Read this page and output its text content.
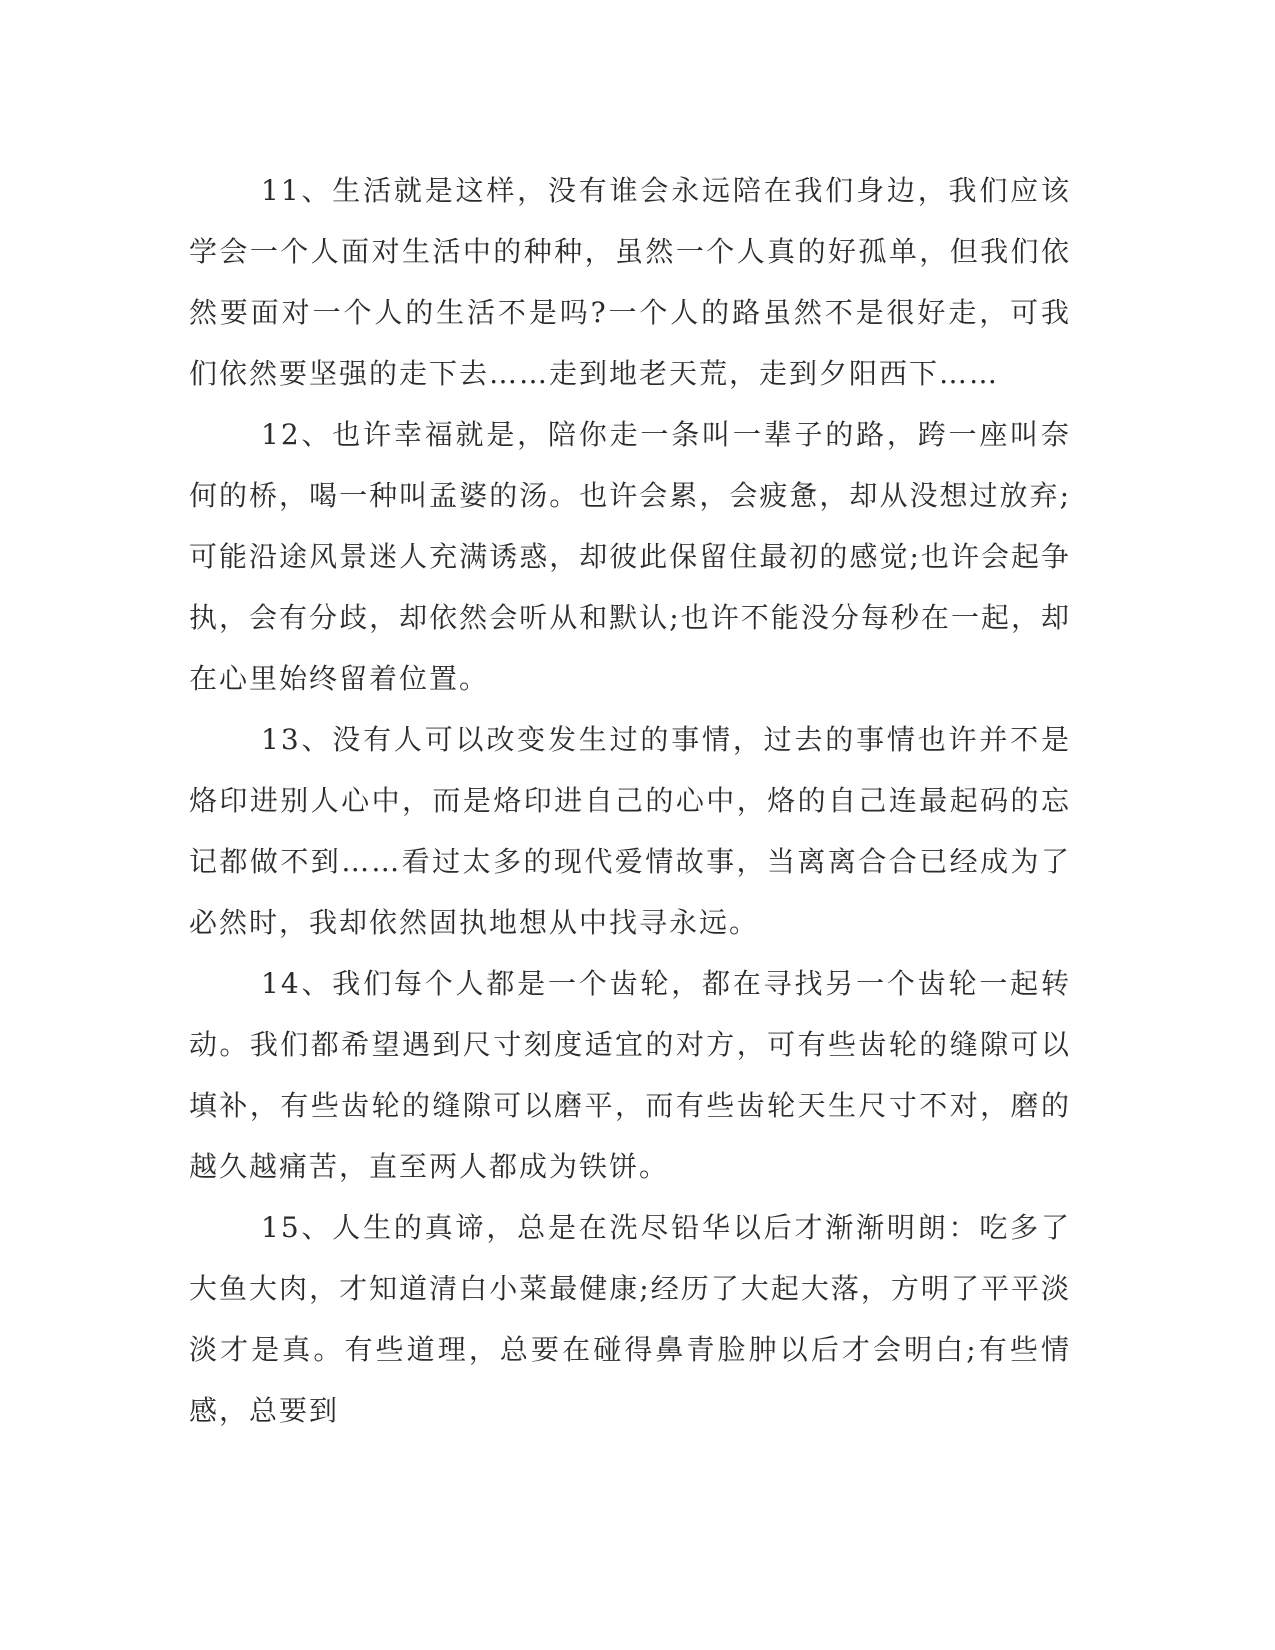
11、生活就是这样，没有谁会永远陪在我们身边，我们应该学会一个人面对生活中的种种，虽然一个人真的好孤单，但我们依然要面对一个人的生活不是吗?一个人的路虽然不是很好走，可我们依然要坚强的走下去……走到地老天荒，走到夕阳西下……

12、也许幸福就是，陪你走一条叫一辈子的路，跨一座叫奈何的桥，喝一种叫孟婆的汤。也许会累，会疲惫，却从没想过放弃;可能沿途风景迷人充满诱惑，却彼此保留住最初的感觉;也许会起争执，会有分歧，却依然会听从和默认;也许不能没分每秒在一起，却在心里始终留着位置。

13、没有人可以改变发生过的事情，过去的事情也许并不是烙印进别人心中，而是烙印进自己的心中，烙的自己连最起码的忘记都做不到……看过太多的现代爱情故事，当离离合合已经成为了必然时，我却依然固执地想从中找寻永远。

14、我们每个人都是一个齿轮，都在寻找另一个齿轮一起转动。我们都希望遇到尺寸刻度适宜的对方，可有些齿轮的缝隙可以填补，有些齿轮的缝隙可以磨平，而有些齿轮天生尺寸不对，磨的越久越痛苦，直至两人都成为铁饼。

15、人生的真谛，总是在洗尽铅华以后才渐渐明朗：吃多了大鱼大肉，才知道清白小菜最健康;经历了大起大落，方明了平平淡淡才是真。有些道理，总要在碰得鼻青脸肿以后才会明白;有些情感，总要到
